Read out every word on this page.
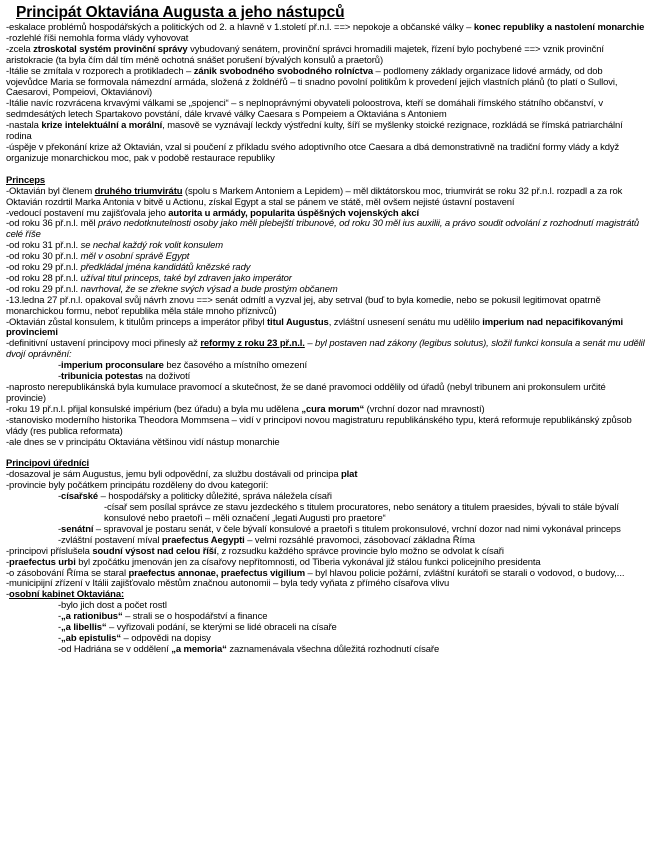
Principát Oktaviána Augusta a jeho nástupců
-eskalace problémů hospodářských a politických od 2. a hlavně v 1.století př.n.l. ==> nepokoje a občanské války – konec republiky a nastolení monarchie
-rozlehlé říši nemohla forma vlády vyhovovat
-zcela ztroskotal systém provinční správy vybudovaný senátem, provinční správci hromadili majetek, řízení bylo pochybené ==> vznik provinční aristokracie (ta byla čím dál tím méně ochotná snášet porušení bývalých konsulů a praetorů)
-Itálie se zmítala v rozporech a protikladech – zánik svobodného svobodného rolníctva – podlomeny základy organizace lidové armády, od dob vojevůdce Maria se formovala námezdní armáda, složená z žoldnéřů – ti snadno povolní politikům k provedení jejich vlastních plánů (to platí o Sullovi, Caesarovi, Pompeiovi, Oktaviánovi)
-Itálie navíc rozvrácena krvavými válkami se „spojenci“ – s neplnoprávnými obyvateli poloostrova, kteří se domáhali římského státního občanství, v sedmdesátých letech Spartakovo povstání, dále krvavé války Caesara s Pompeiem a Oktaviána s Antoniem
-nastala krize intelektuální a morální, masově se vyznávají leckdy výstřední kulty, šíří se myšlenky stoické rezignace, rozkládá se římská patriarchální rodina
-úspěje v překonání krize až Oktavián, vzal si poučení z příkladu svého adoptivního otce Caesara a dbá demonstrativně na tradiční formy vlády a když organizuje monarchickou moc, pak v podobě restaurace republiky
Princeps
-Oktavián byl členem druhého triumvirátu (spolu s Markem Antoniem a Lepidem) – měl diktátorskou moc, triumvirát se roku 32 př.n.l. rozpadl a za rok Oktavián rozdrtil Marka Antonia v bitvě u Actionu, získal Egypt a stal se pánem ve státě, měl ovšem nejisté ústavní postavení
-vedoucí postavení mu zajišťovala jeho autorita u armády, popularita úspěšných vojenských akcí
-od roku 36 př.n.l. měl právo nedotknutelnosti osoby jako měli plebejští tribunové, od roku 30 měl ius auxilii, a právo soudit odvolání z rozhodnutí magistrátů celé říše
-od roku 31 př.n.l. se nechal každý rok volit konsulem
-od roku 30 př.n.l. měl v osobní správě Egypt
-od roku 29 př.n.l. předkládal jména kandidátů knězské rady
-od roku 28 př.n.l. užíval titul princeps, také byl zdraven jako imperátor
-od roku 29 př.n.l. navrhoval, že se zřekne svých výsad a bude prostým občanem
-13.ledna 27 př.n.l. opakoval svůj návrh znovu ==> senát odmítl a vyzval jej, aby setrval (buď to byla komedie, nebo se pokusil legitimovat opatrně monarchickou formu, neboť republika měla stále mnoho příznivců)
-Oktavián zůstal konsulem, k titulům princeps a imperátor přibyl titul Augustus, zvláštní usnesení senátu mu udělilo imperium nad nepacifikovanými provinciemi
-definitivní ustavení principovy moci přinesly až reformy z roku 23 př.n.l. – byl postaven nad zákony (legibus solutus), složil funkci konsula a senát mu udělil dvojí oprávnění:
-imperium proconsulare bez časového a místního omezení
-tribunicia potestas na doživotí
-naprosto nerepublikánská byla kumulace pravomocí a skutečnost, že se dané pravomoci oddělily od úřadů (nebyl tribunem ani prokonsulem určité provincie)
-roku 19 př.n.l. přijal konsulské impérium (bez úřadu) a byla mu udělena „cura morum“ (vrchní dozor nad mravností)
-stanovisko moderního historika Theodora Mommsena – vidí v principovi novou magistraturu republikánského typu, která reformuje republikánský způsob vlády (res publica reformata)
-ale dnes se v principátu Oktaviána většinou vidí nástup monarchie
Principovi úředníci
-dosazoval je sám Augustus, jemu byli odpovědní, za službu dostávali od principa plat
-provincie byly počátkem principátu rozděleny do dvou kategorií:
-císařské – hospodářsky a politicky důležité, správa náležela císaři
-císař sem posílal správce ze stavu jezdeckého s titulem procuratores, nebo senátory a titulem praesides, bývali to stále bývalí konsulové nebo praetoři – měli označení „legati Augusti pro praetore“
-senátní – spravoval je postaru senát, v čele bývalí konsulové a praetoři s titulem prokonsulové, vrchní dozor nad nimi vykonával princeps
-zvláštní postavení míval praefectus Aegypti – velmi rozsáhlé pravomoci, zásobovací základna Říma
-principovi příslušela soudní výsost nad celou říší, z rozsudku každého správce provincie bylo možno se odvolat k císaři
-praefectus urbi byl zpočátku jmenován jen za císařovy nepřítomnosti, od Tiberia vykonával již stálou funkci policejního presidenta
-o zásobování Říma se staral praefectus annonae, praefectus vigilium – byl hlavou policie požární, zvláštní kurátoři se starali o vodovod, o budovy,...
-municipijní zřízení v Itálii zajišťovalo městům značnou autonomii – byla tedy vyňata z přímého císařova vlivu
-osobní kabinet Oktaviána:
-bylo jich dost a počet rostl
-„a rationibus“ – strali se o hospodářství a finance
-„a libellis“ – vyřizovali podání, se kterými se lidé obraceli na císaře
-„ab epistulis“ – odpovědi na dopisy
-od Hadriána se v oddělení „a memoria“ zaznamenávala všechna důležitá rozhodnutí císaře
